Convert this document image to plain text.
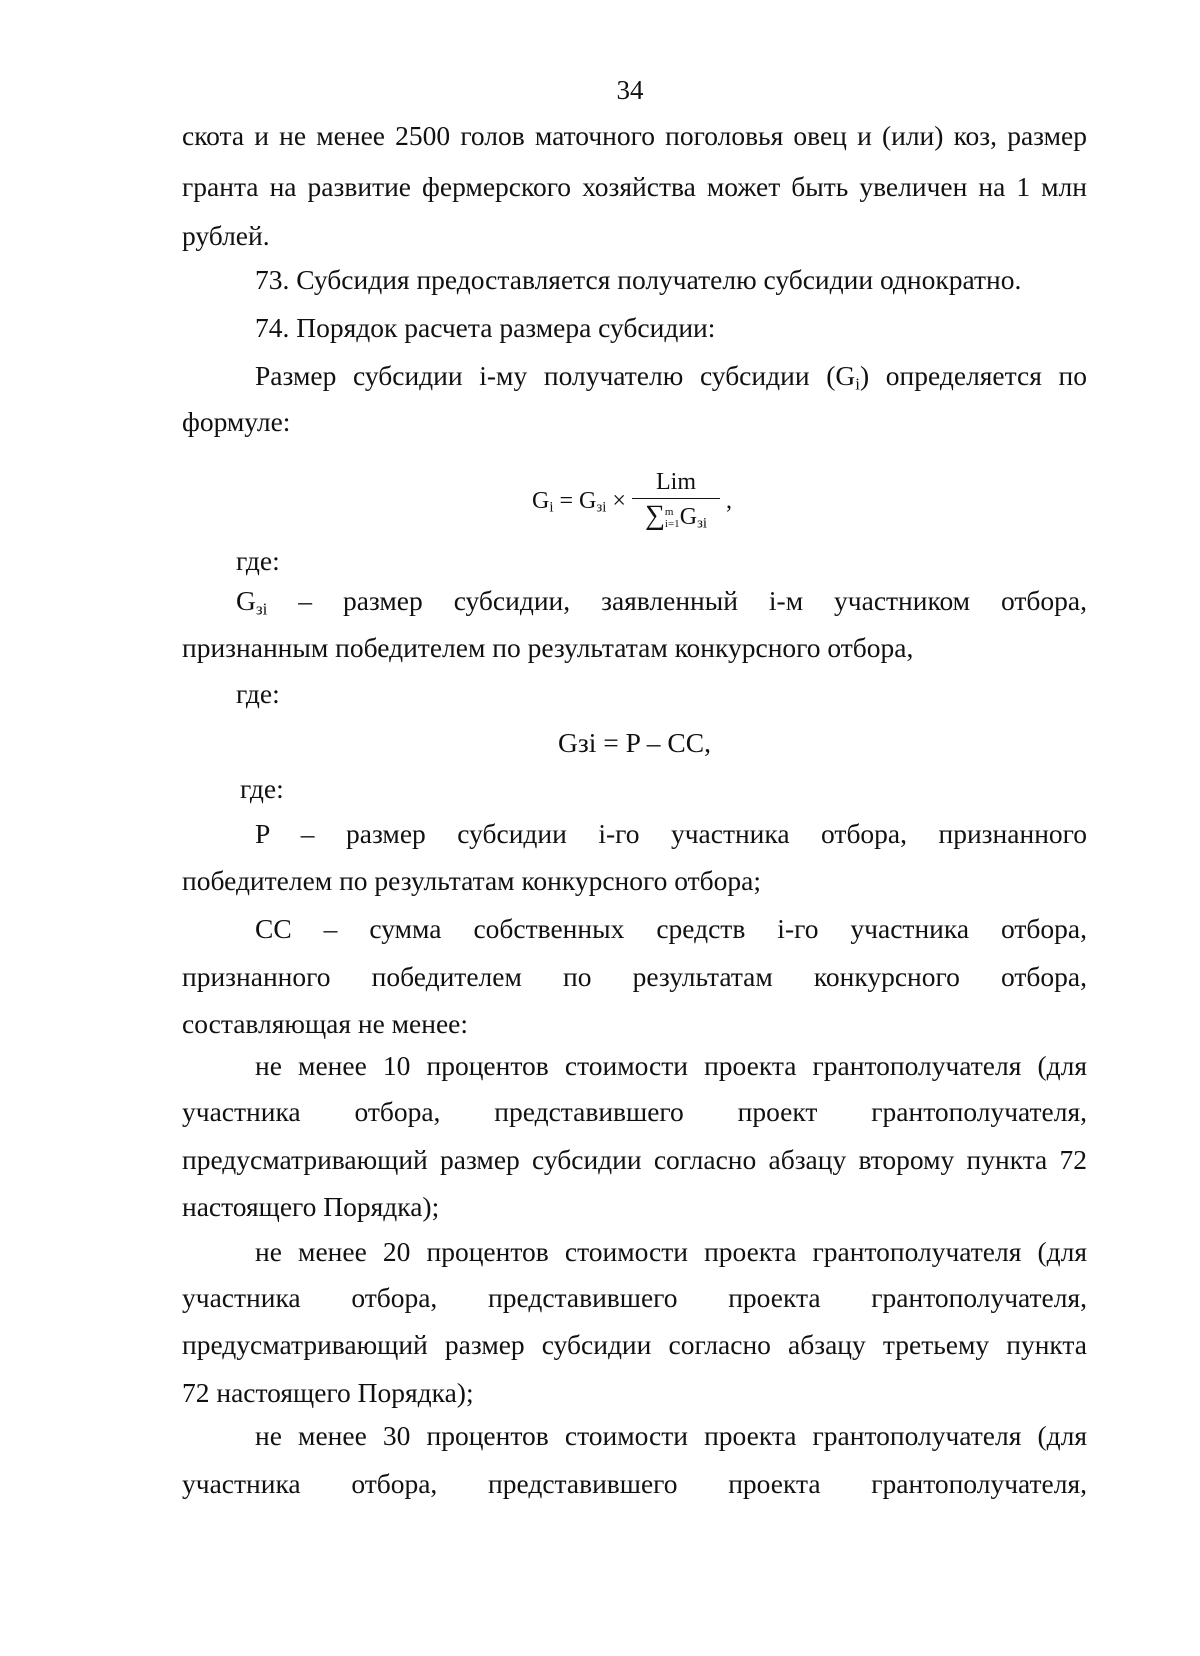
34
скота и не менее 2500 голов маточного поголовья овец и (или) коз, размер
гранта на развитие фермерского хозяйства может быть увеличен на 1 млн
рублей.
73. Субсидия предоставляется получателю субсидии однократно.
74. Порядок расчета размера субсидии:
Размер субсидии i-му получателю субсидии $(G_i)$ определяется по
формуле:
$G_i = G_{зi}$ ×
Lim
∑m
$i=1G_{зi}$
,
где:
$G_{зi}$ – размер субсидии, заявленный i-м участником отбора,
признанным победителем по результатам конкурсного отбора,
где:
Gзi = P – CC,
где:
P – размер субсидии i-го участника отбора, признанного
победителем по результатам конкурсного отбора;
CC – сумма собственных средств i-го участника отбора,
признанного победителем по результатам конкурсного отбора,
составляющая не менее:
не менее 10 процентов стоимости проекта грантополучателя (для
участника отбора, представившего проект грантополучателя,
предусматривающий размер субсидии согласно абзацу второму пункта 72
настоящего Порядка);
не менее 20 процентов стоимости проекта грантополучателя (для
участника отбора, представившего проекта грантополучателя,
предусматривающий размер субсидии согласно абзацу третьему пункта
72 настоящего Порядка);
не менее 30 процентов стоимости проекта грантополучателя (для
участника отбора, представившего проекта грантополучателя,
